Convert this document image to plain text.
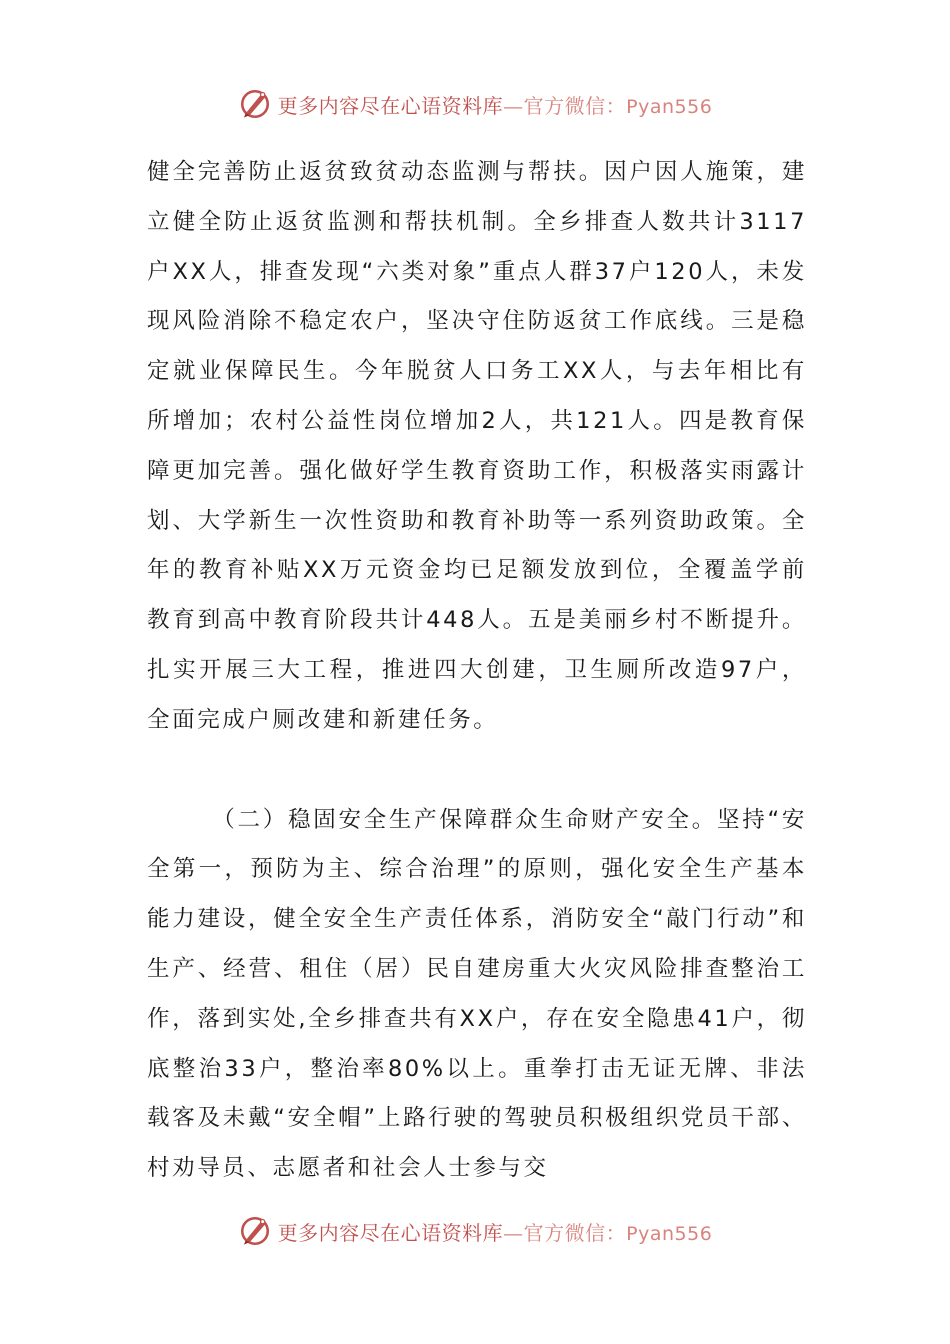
更多内容尽在心语资料库—官方微信：Pyan556

健全完善防止返贫致贫动态监测与帮扶。因户因人施策，建立健全防止返贫监测和帮扶机制。全乡排查人数共计3117户XX人，排查发现“六类对象”重点人群37户120人，未发现风险消除不稳定农户，坚决守住防返贫工作底线。三是稳定就业保障民生。今年脱贫人口务工XX人，与去年相比有所增加；农村公益性岗位增加2人，共121人。四是教育保障更加完善。强化做好学生教育资助工作，积极落实雨露计划、大学新生一次性资助和教育补助等一系列资助政策。全年的教育补贴XX万元资金均已足额发放到位，全覆盖学前教育到高中教育阶段共计448人。五是美丽乡村不断提升。扎实开展三大工程，推进四大创建，卫生厕所改造97户，全面完成户厕改建和新建任务。

（二）稳固安全生产保障群众生命财产安全。坚持“安全第一，预防为主、综合治理”的原则，强化安全生产基本能力建设，健全安全生产责任体系，消防安全“敲门行动”和生产、经营、租住（居）民自建房重大火灾风险排查整治工作，落到实处,全乡排查共有XX户，存在安全隐患41户，彻底整治33户，整治率80%以上。重拳打击无证无牌、非法载客及未戴“安全帽”上路行驶的驾驶员积极组织党员干部、村劝导员、志愿者和社会人士参与交

更多内容尽在心语资料库—官方微信：Pyan556
